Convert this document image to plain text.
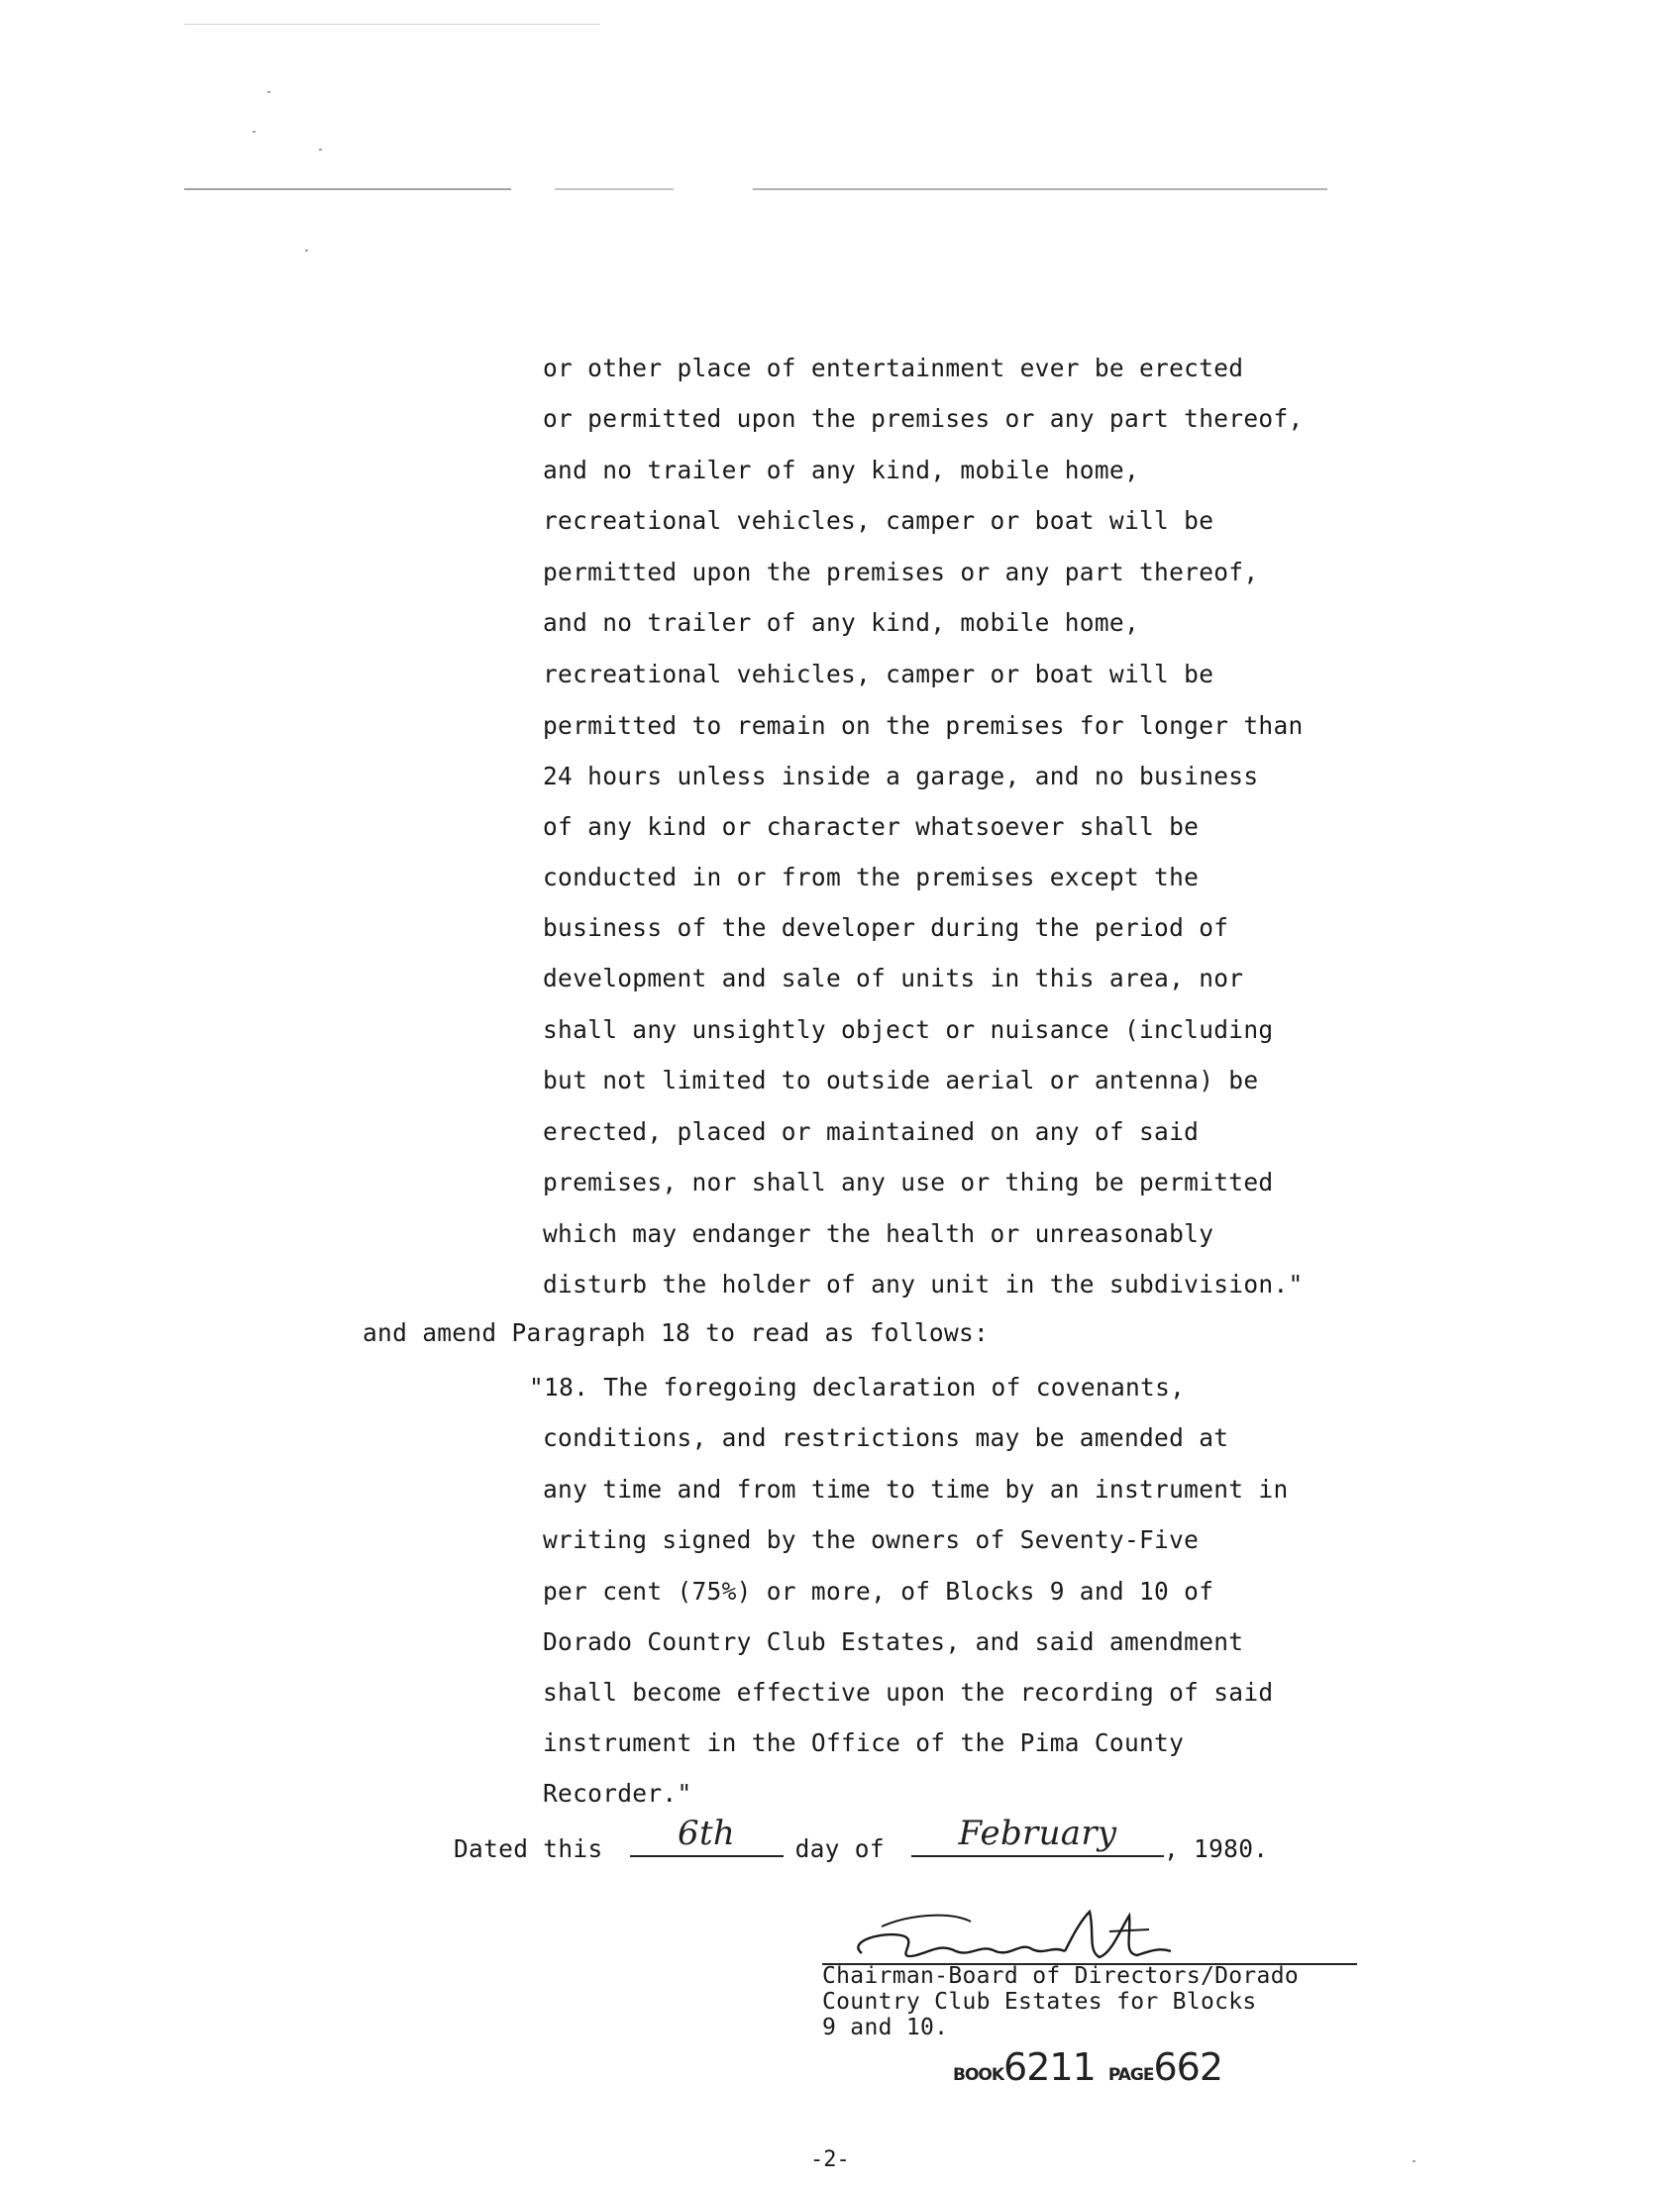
or other place of entertainment ever be erected
or permitted upon the premises or any part thereof,
and no trailer of any kind, mobile home,
recreational vehicles, camper or boat will be
permitted upon the premises or any part thereof,
and no trailer of any kind, mobile home,
recreational vehicles, camper or boat will be
permitted to remain on the premises for longer than
24 hours unless inside a garage, and no business
of any kind or character whatsoever shall be
conducted in or from the premises except the
business of the developer during the period of
development and sale of units in this area, nor
shall any unsightly object or nuisance (including
but not limited to outside aerial or antenna) be
erected, placed or maintained on any of said
premises, nor shall any use or thing be permitted
which may endanger the health or unreasonably
disturb the holder of any unit in the subdivision."
and amend Paragraph 18 to read as follows:
"18. The foregoing declaration of covenants,
conditions, and restrictions may be amended at
any time and from time to time by an instrument in
writing signed by the owners of Seventy-Five
per cent (75%) or more, of Blocks 9 and 10 of
Dorado Country Club Estates, and said amendment
shall become effective upon the recording of said
instrument in the Office of the Pima County
Recorder."
Dated this	6th	day of	February	, 1980.
Chairman-Board of Directors/Dorado
Country Club Estates for Blocks
9 and 10.
BOOK6211 PAGE662
-2-
